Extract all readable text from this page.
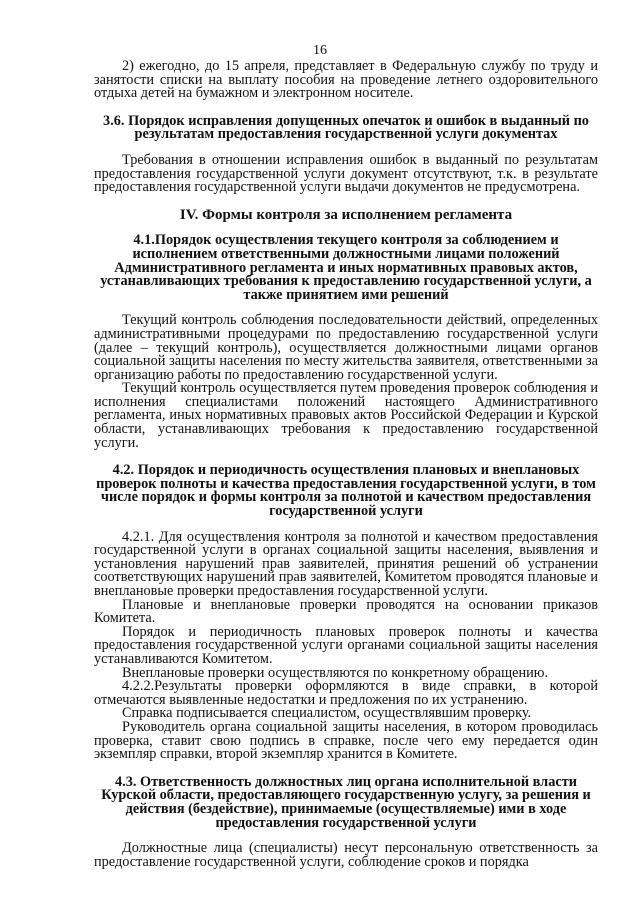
16

2) ежегодно, до 15 апреля, представляет в Федеральную службу по труду и занятости списки на выплату пособия на проведение летнего оздоровительного отдыха детей на бумажном и электронном носителе.

3.6. Порядок исправления допущенных опечаток и ошибок в выданный по результатам предоставления государственной услуги документах

Требования в отношении исправления ошибок в выданный по результатам предоставления государственной услуги документ отсутствуют, т.к. в результате предоставления государственной услуги выдачи документов не предусмотрена.

IV. Формы контроля за исполнением регламента
4.1.Порядок осуществления текущего контроля за соблюдением и исполнением ответственными должностными лицами положений Административного регламента и иных нормативных правовых актов, устанавливающих требования к предоставлению государственной услуги, а также принятием ими решений

Текущий контроль соблюдения последовательности действий, определенных административными процедурами по предоставлению государственной услуги (далее – текущий контроль), осуществляется должностными лицами органов социальной защиты населения по месту жительства заявителя, ответственными за организацию работы по предоставлению государственной услуги.

Текущий контроль осуществляется путем проведения проверок соблюдения и исполнения специалистами положений настоящего Административного регламента, иных нормативных правовых актов Российской Федерации и Курской области, устанавливающих требования к предоставлению государственной услуги.

4.2. Порядок и периодичность осуществления плановых и внеплановых проверок полноты и качества предоставления государственной услуги, в том числе порядок и формы контроля за полнотой и качеством предоставления государственной услуги

4.2.1. Для осуществления контроля за полнотой и качеством предоставления государственной услуги в органах социальной защиты населения, выявления и установления нарушений прав заявителей, принятия решений об устранении соответствующих нарушений прав заявителей, Комитетом проводятся плановые и внеплановые проверки предоставления государственной услуги.

Плановые и внеплановые проверки проводятся на основании приказов Комитета.

Порядок и периодичность плановых проверок полноты и качества предоставления государственной услуги органами социальной защиты населения устанавливаются Комитетом.

Внеплановые проверки осуществляются по конкретному обращению.

4.2.2.Результаты проверки оформляются в виде справки, в которой отмечаются выявленные недостатки и предложения по их устранению.

Справка подписывается специалистом, осуществлявшим проверку.

Руководитель органа социальной защиты населения, в котором проводилась проверка, ставит свою подпись в справке, после чего ему передается один экземпляр справки, второй экземпляр хранится в Комитете.

4.3. Ответственность должностных лиц органа исполнительной власти Курской области, предоставляющего государственную услугу, за решения и действия (бездействие), принимаемые (осуществляемые) ими в ходе предоставления государственной услуги

Должностные лица (специалисты) несут персональную ответственность за предоставление государственной услуги, соблюдение сроков и порядка
